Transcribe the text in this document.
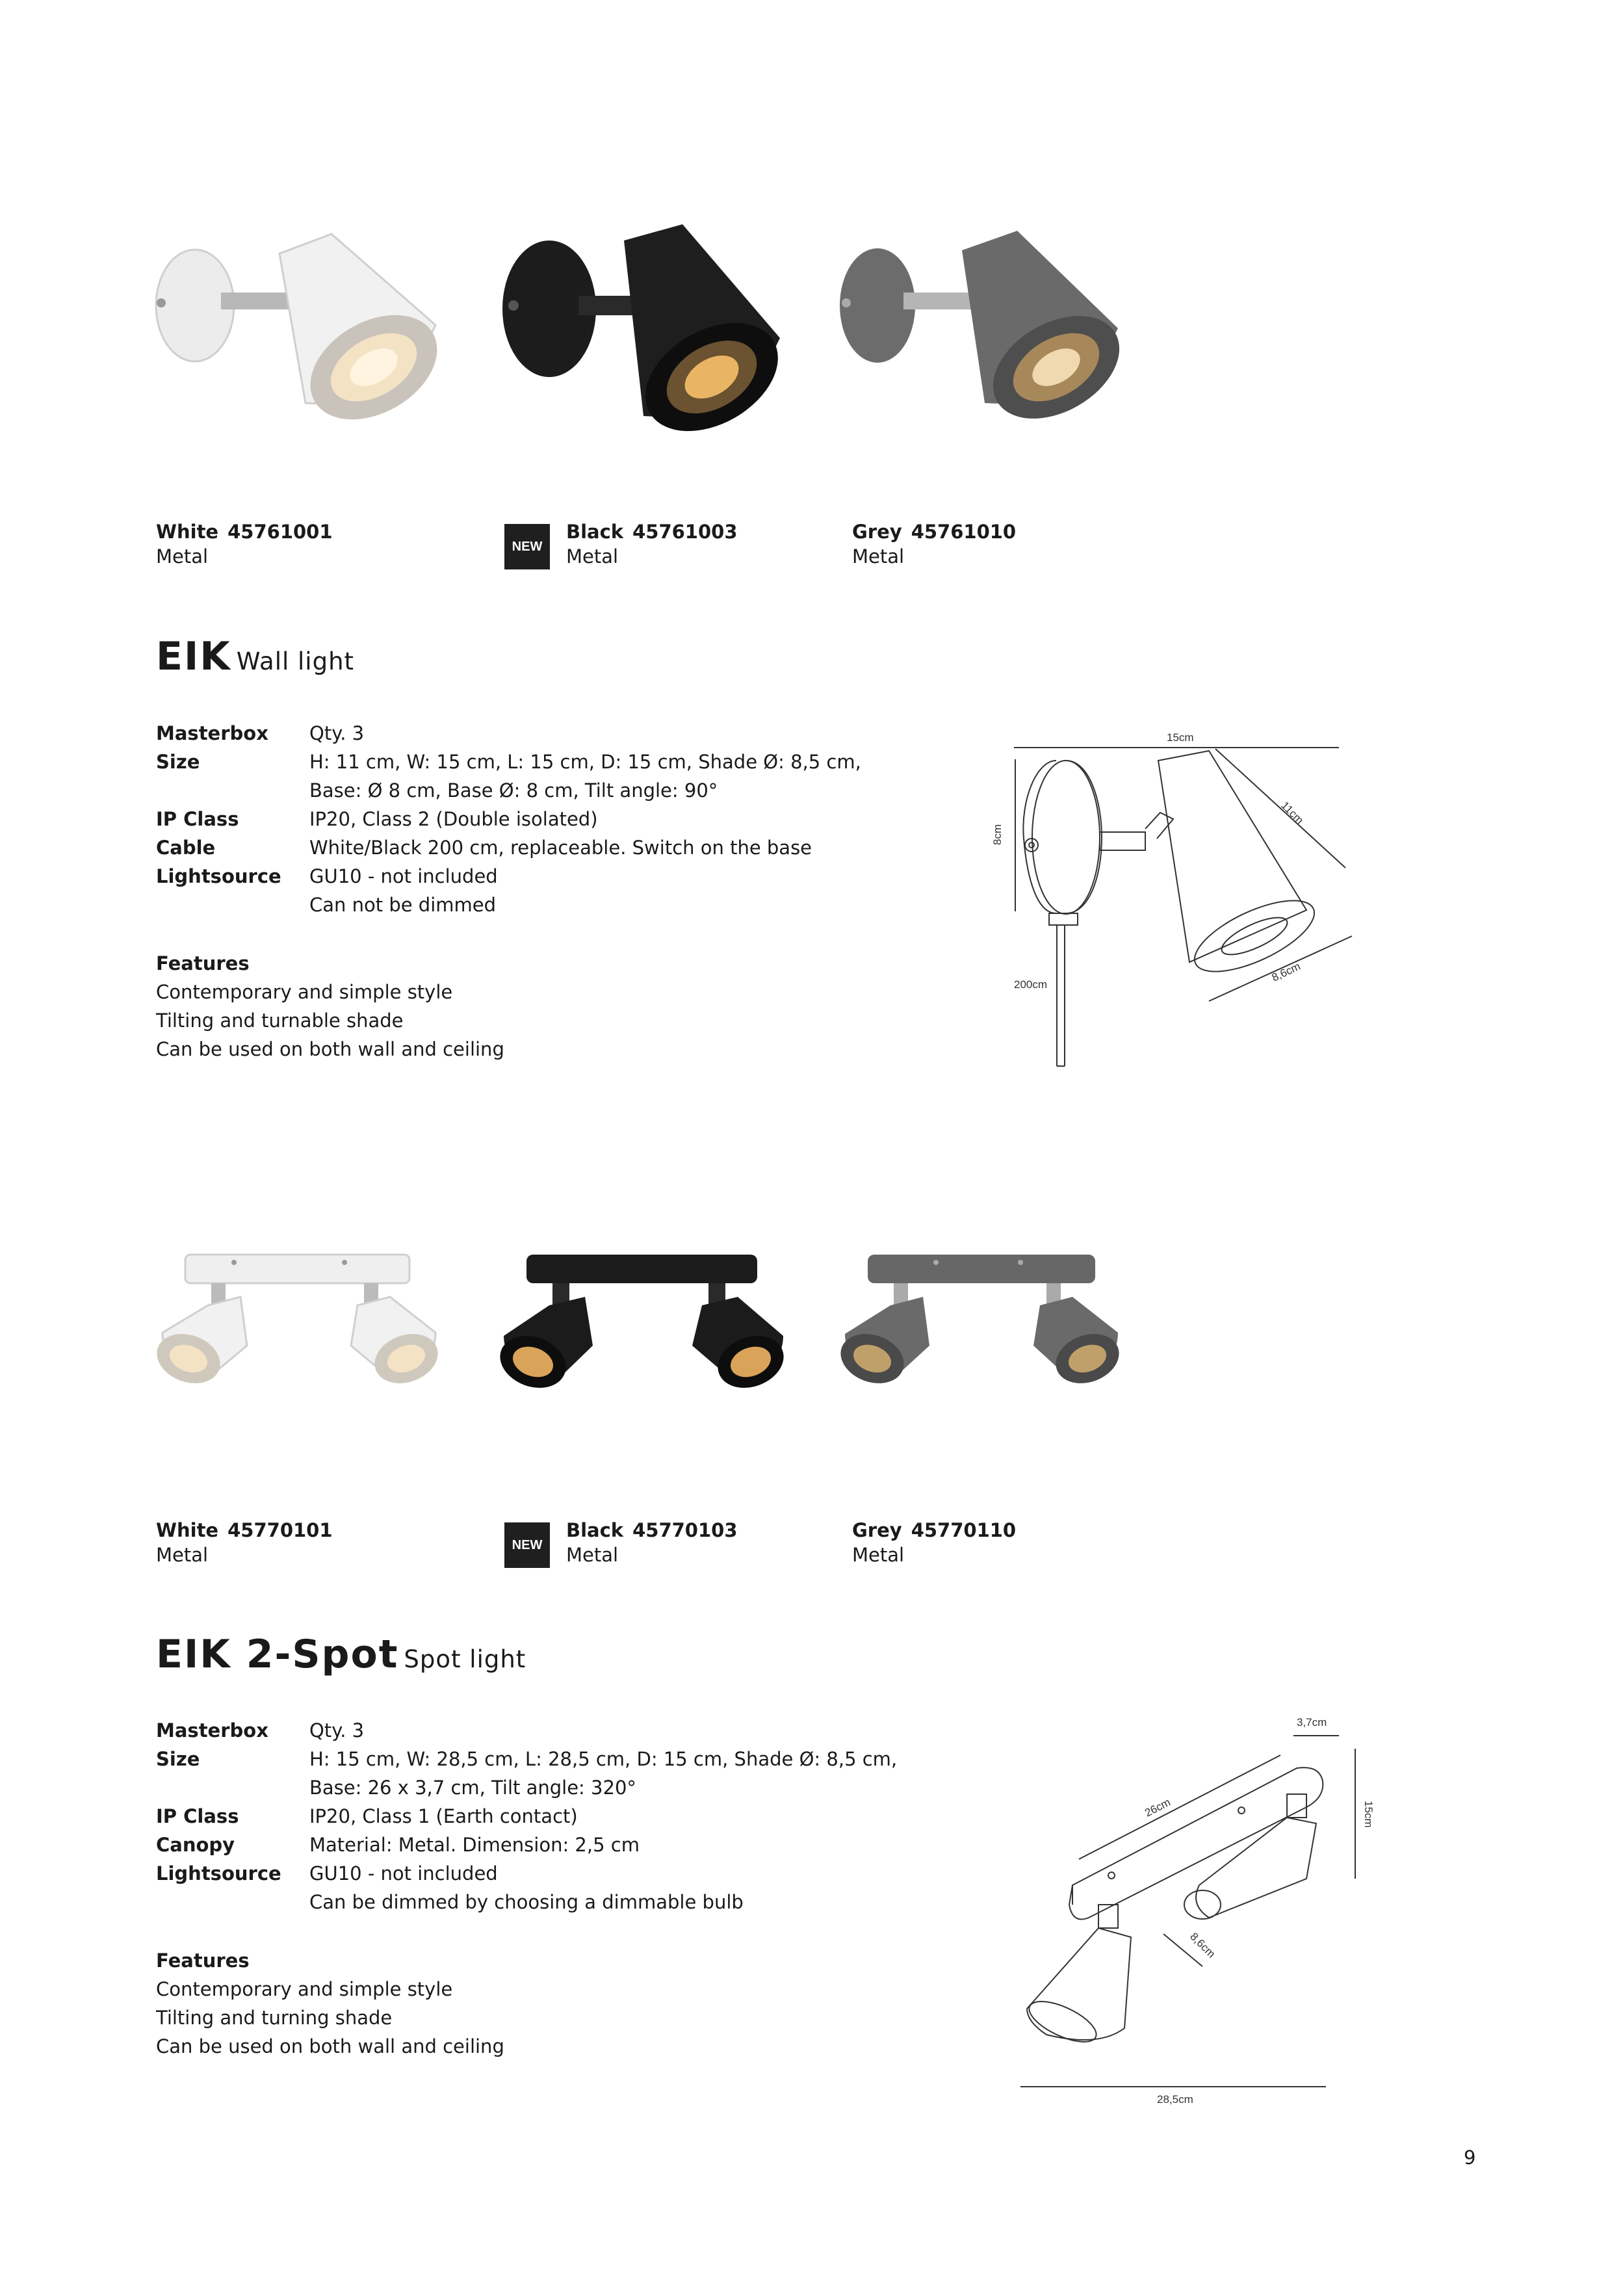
White 45761001
Metal	NEW
Black 45761003
Metal
Grey 45761010
Metal
EIK Wall light
Masterbox	Qty. 3
Size	H: 11 cm, W: 15 cm, L: 15 cm, D: 15 cm, Shade Ø: 8,5 cm,
Base: Ø 8 cm, Base Ø: 8 cm, Tilt angle: 90°
IP Class	IP20, Class 2 (Double isolated)
Cable	White/Black 200 cm, replaceable. Switch on the base
Lightsource	GU10 - not included
Can not be dimmed
Features
Contemporary and simple style
Tilting and turnable shade
Can be used on both wall and ceiling
15cm
8cm
11cm
8,6cm
200cm
White 45770101
Metal	NEW
Black 45770103
Metal
Grey 45770110
Metal
EIK 2-Spot Spot light
Masterbox	Qty. 3
Size	H: 15 cm, W: 28,5 cm, L: 28,5 cm, D: 15 cm, Shade Ø: 8,5 cm,
Base: 26 x 3,7 cm, Tilt angle: 320°
IP Class	IP20, Class 1 (Earth contact)
Canopy	Material: Metal. Dimension: 2,5 cm
Lightsource	GU10 - not included
Can be dimmed by choosing a dimmable bulb
Features
Contemporary and simple style
Tilting and turning shade
Can be used on both wall and ceiling
3,7cm
15cm
26cm
8,6cm
28,5cm
9
